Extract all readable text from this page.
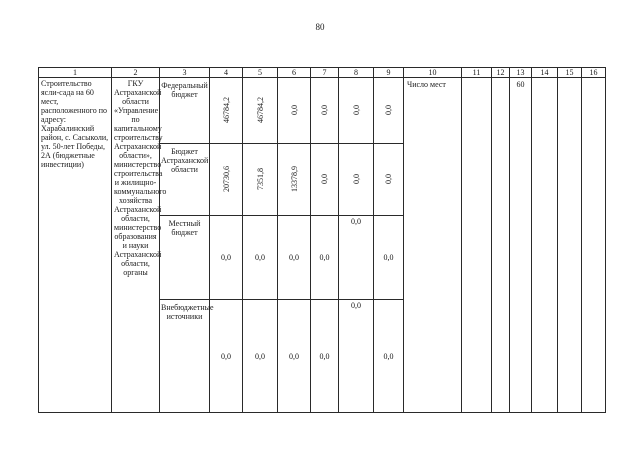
80
1	2	3	4	5	6	7	8	9	10	11	12	13	14	15	16
Строительство ясли-сада на 60 мест, расположенного по адресу: Харабалинский район, с. Сасыколи, ул. 50-лет Победы, 2А (бюджетные инвестиции)	ГКУ Астраханской области «Управление по капитальному строительству Астраханской области», министерство строительства и жилищно-коммунального хозяйства Астраханской области, министерство образования и науки Астраханской области, органы	Федеральный бюджет	46784,2	46784,2	0,0	0,0	0,0	0,0	Число мест			60			
		Бюджет Астраханской области	20730,6	7351,8	13378,9	0,0	0,0	0,0							
		Местный бюджет	0,0	0,0	0,0	0,0	0,0	0,0							
		Внебюджетные источники	0,0	0,0	0,0	0,0	0,0	0,0							
